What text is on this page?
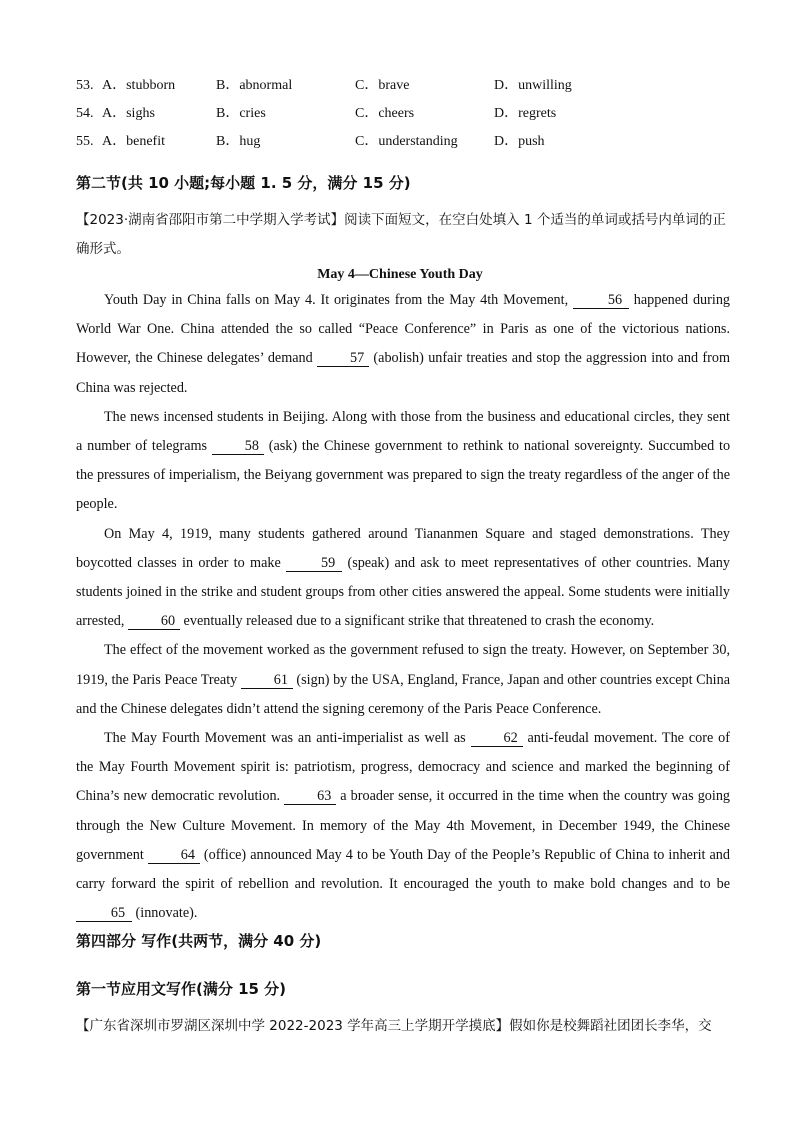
53. A．stubborn	B．abnormal	C．brave	D．unwilling
54. A．sighs	B．cries	C．cheers	D．regrets
55. A．benefit	B．hug	C．understanding	D．push
第二节(共 10 小题;每小题 1. 5 分，满分 15 分)
【2023·湖南省邵阳市第二中学期入学考试】阅读下面短文，在空白处填入 1 个适当的单词或括号内单词的正确形式。
May 4—Chinese Youth Day

Youth Day in China falls on May 4. It originates from the May 4th Movement,	56 happened during World War One. China attended the so called “Peace Conference” in Paris as one of the victorious nations. However, the Chinese delegates’ demand	57 (abolish) unfair treaties and stop the aggression into and from China was rejected.

The news incensed students in Beijing. Along with those from the business and educational circles, they sent a number of telegrams	58 (ask) the Chinese government to rethink to national sovereignty. Succumbed to the pressures of imperialism, the Beiyang government was prepared to sign the treaty regardless of the anger of the people.

On May 4, 1919, many students gathered around Tiananmen Square and staged demonstrations. They boycotted classes in order to make	59 (speak) and ask to meet representatives of other countries. Many students joined in the strike and student groups from other cities answered the appeal. Some students were initially arrested,	60 eventually released due to a significant strike that threatened to crash the economy.

The effect of the movement worked as the government refused to sign the treaty. However, on September 30, 1919, the Paris Peace Treaty	61 (sign) by the USA, England, France, Japan and other countries except China and the Chinese delegates didn’t attend the signing ceremony of the Paris Peace Conference.

The May Fourth Movement was an anti-imperialist as well as	62 anti-feudal movement. The core of the May Fourth Movement spirit is: patriotism, progress, democracy and science and marked the beginning of China’s new democratic revolution.	63 a broader sense, it occurred in the time when the country was going through the New Culture Movement. In memory of the May 4th Movement, in December 1949, the Chinese government	64 (office) announced May 4 to be Youth Day of the People’s Republic of China to inherit and carry forward the spirit of rebellion and revolution. It encouraged the youth to make bold changes and to be 65 (innovate).

第四部分 写作(共两节，满分 40 分)
第一节应用文写作(满分 15 分)
【广东省深圳市罗湖区深圳中学 2022-2023 学年高三上学期开学摸底】假如你是校舞蹈社团团长李华，交
